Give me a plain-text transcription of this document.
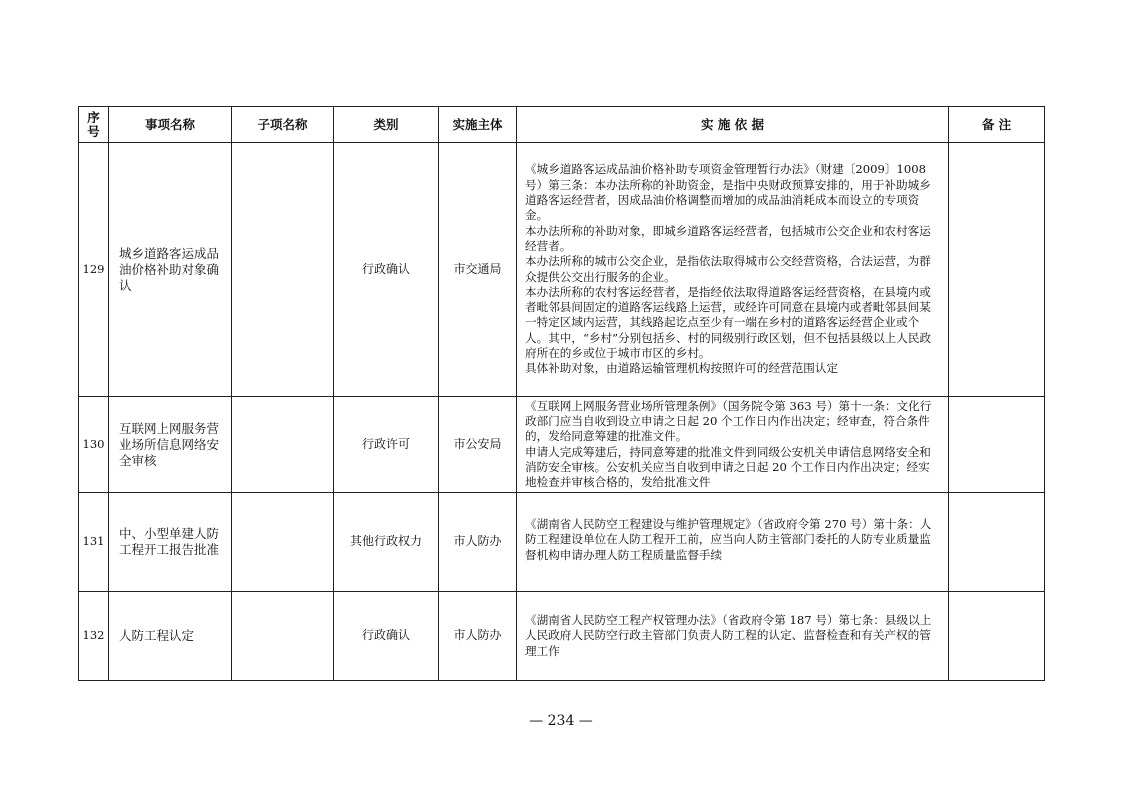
序号	事项名称	子项名称	类别	实施主体	实 施 依 据	备 注
129	城乡道路客运成品油价格补助对象确认		行政确认	市交通局	《城乡道路客运成品油价格补助专项资金管理暂行办法》（财建〔2009〕1008号）第三条：本办法所称的补助资金，是指中央财政预算安排的，用于补助城乡道路客运经营者，因成品油价格调整而增加的成品油消耗成本而设立的专项资金。

本办法所称的补助对象，即城乡道路客运经营者，包括城市公交企业和农村客运经营者。

本办法所称的城市公交企业，是指依法取得城市公交经营资格，合法运营，为群众提供公交出行服务的企业。

本办法所称的农村客运经营者，是指经依法取得道路客运经营资格，在县境内或者毗邻县间固定的道路客运线路上运营，或经许可同意在县境内或者毗邻县间某一特定区域内运营，其线路起讫点至少有一端在乡村的道路客运经营企业或个人。其中，“乡村”分别包括乡、村的同级别行政区划，但不包括县级以上人民政府所在的乡或位于城市市区的乡村。

具体补助对象，由道路运输管理机构按照许可的经营范围认定	

130	互联网上网服务营业场所信息网络安全审核		行政许可	市公安局	《互联网上网服务营业场所管理条例》（国务院令第 363 号）第十一条：文化行政部门应当自收到设立申请之日起 20 个工作日内作出决定；经审查，符合条件的，发给同意筹建的批准文件。

申请人完成筹建后，持同意筹建的批准文件到同级公安机关申请信息网络安全和消防安全审核。公安机关应当自收到申请之日起 20 个工作日内作出决定；经实地检查并审核合格的，发给批准文件	

131	中、小型单建人防工程开工报告批准		其他行政权力	市人防办	《湖南省人民防空工程建设与维护管理规定》（省政府令第 270 号）第十条：人防工程建设单位在人防工程开工前，应当向人防主管部门委托的人防专业质量监督机构申请办理人防工程质量监督手续	

132	人防工程认定		行政确认	市人防办	《湖南省人民防空工程产权管理办法》（省政府令第 187 号）第七条：县级以上人民政府人民防空行政主管部门负责人防工程的认定、监督检查和有关产权的管理工作	

— 234 —
